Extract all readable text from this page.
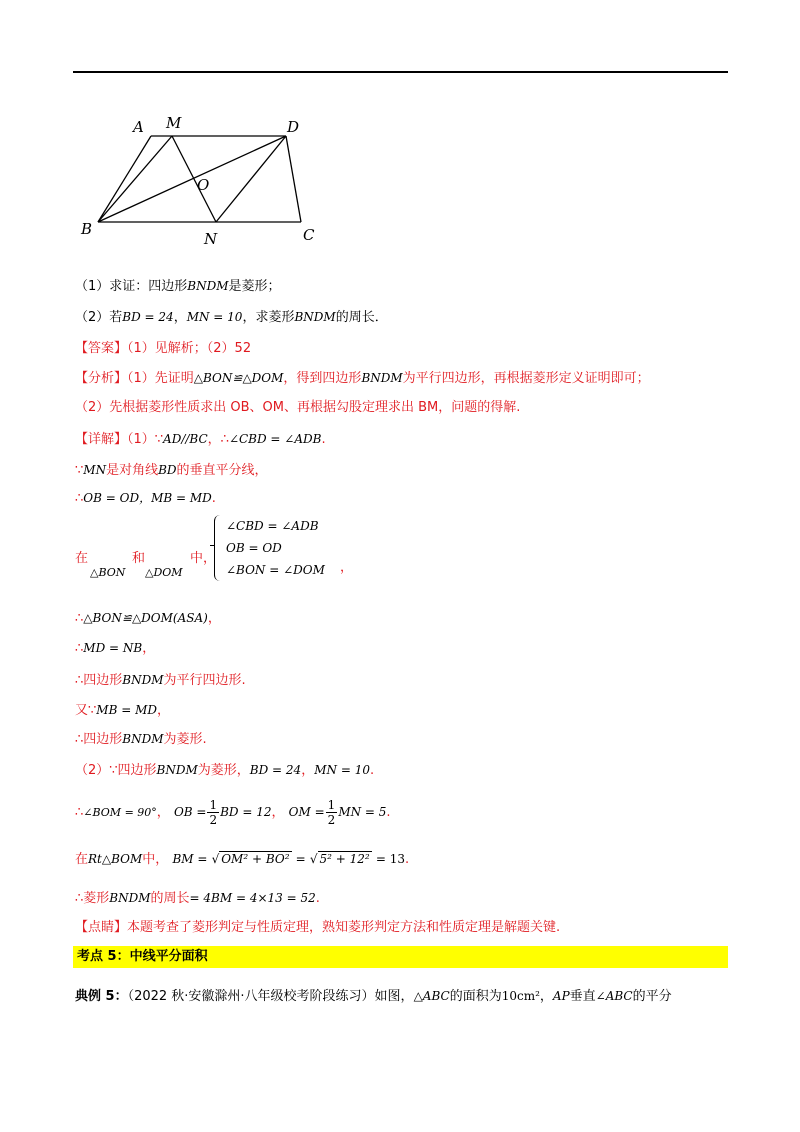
A M	D
O
B
N	C
（1）求证：四边形BNDM是菱形；
（2）若BD = 24，MN = 10，求菱形BNDM的周长．
【答案】（1）见解析；（2）52
【分析】（1）先证明△BON≌△DOM，得到四边形BNDM为平行四边形，再根据菱形定义证明即可；
（2）先根据菱形性质求出 OB、OM、再根据勾股定理求出 BM，问题的得解.
【详解】（1）∵AD//BC，∴∠CBD = ∠ADB.
∵MN是对角线BD的垂直平分线，
∴OB = OD，MB = MD.
在	和	中，
△BON △DOM
∠CBD = ∠ADB
OB = OD
∠BON = ∠DOM ，
∴△BON≌△DOM(ASA)，
∴MD = NB，
∴四边形BNDM为平行四边形.
又∵MB = MD，
∴四边形BNDM为菱形.
（2）∵四边形BNDM为菱形，BD = 24，MN = 10.
∴∠BOM = 90°， OB = $\frac{1}{2}$ BD = 12， OM = $\frac{1}{2}$ MN = 5.
在Rt△BOM中， BM = √ OM² + BO² = √ 5² + 12² = 13.
∴菱形BNDM的周长= 4BM = 4×13 = 52.
【点睛】本题考查了菱形判定与性质定理，熟知菱形判定方法和性质定理是解题关键.
考点 5：中线平分面积
典例 5：（2022 秋·安徽滁州·八年级校考阶段练习）如图，△ABC的面积为10cm²，AP垂直∠ABC的平分
